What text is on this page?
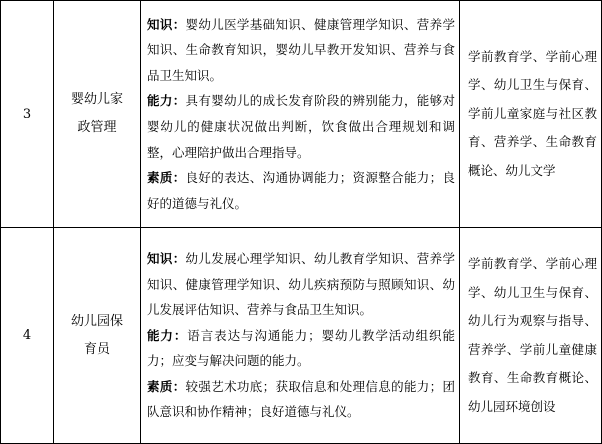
3	婴幼儿家政管理	知识：婴幼儿医学基础知识、健康管理学知识、营养学知识、生命教育知识，婴幼儿早教开发知识、营养与食品卫生知识。
能力：具有婴幼儿的成长发育阶段的辨别能力，能够对婴幼儿的健康状况做出判断，饮食做出合理规划和调整，心理陪护做出合理指导。
素质：良好的表达、沟通协调能力；资源整合能力；良好的道德与礼仪。	学前教育学、学前心理学、幼儿卫生与保育、学前儿童家庭与社区教育、营养学、生命教育概论、幼儿文学

4	幼儿园保育员	知识：幼儿发展心理学知识、幼儿教育学知识、营养学知识、健康管理学知识、幼儿疾病预防与照顾知识、幼儿发展评估知识、营养与食品卫生知识。
能力：语言表达与沟通能力；婴幼儿教学活动组织能力；应变与解决问题的能力。
素质：较强艺术功底；获取信息和处理信息的能力；团队意识和协作精神；良好道德与礼仪。	学前教育学、学前心理学、幼儿卫生与保育、幼儿行为观察与指导、营养学、学前儿童健康教育、生命教育概论、幼儿园环境创设
